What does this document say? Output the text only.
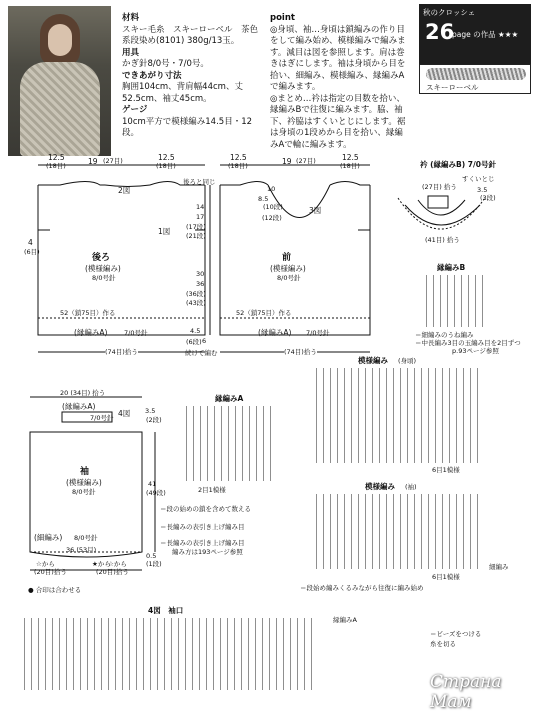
材料
スキー毛糸　スキーローベル　茶色系段染め(8101) 380g/13玉。
用具
かぎ針8/0号・7/0号。
できあがり寸法
胸囲104cm、背肩幅44cm、丈52.5cm、袖丈45cm。
ゲージ
10cm平方で模様編み14.5目・12段。
point
◎身頃、袖…身頃は鎖編みの作り目をして編み始め、模様編みで編みます。減目は図を参照します。肩は巻きはぎにします。袖は身頃から目を拾い、細編み、模様編み、縁編みA で編みます。
◎まとめ…衿は指定の目数を拾い、縁編みBで往復に編みます。脇、袖下、衿脇はすくいとじにします。裾は身頃の1段めから目を拾い、縁編みAで輪に編みます。
秋のクロッシェ
26
page の作品 ★★★
スキーローベル
12.5
(18目)	19 (27目)	12.5
(18目)
2図
1図
4
(6目)
後ろ
(模様編み)
8/0号針
52（鎖75目）作る
(縁編みA)	7/0号針
(74目)拾う
12.5
(18目)	19 (27目)	12.5
(18目)
後ろと同じ
3図
前
(模様編み)
8/0号針
52（鎖75目）作る
(縁編みA) 7/0号針
(74目)拾う
続けて編む
8.5
10
14
17
30
36
4.5
6
(10段)
(12段)
(17段)
(21段)
(36段)
(43段)
(6段)
衿 (縁編みB) 7/0号針
すくいとじ
(27目) 拾う	3.5
(3段)
(41目) 拾う
縁編みB
＝細編みのうね編み
＝中長編み3目の玉編み目を2目ずつ
p.93ページ参照
模様編み (身頃)
6目1模様
模様編み (袖)
6目1模様
細編み
＝段始め編みくるみながら往復に編み始め
縁編みA
2目1模様
＝段の始めの鎖を含めて数える
＝長編みの表引き上げ編み目
＝長編みの表引き上げ編み目
編み方は193ページ参照
20 (34目) 拾う
(縁編みA)
7/0号針 4図 3.5
(2段)
袖
(模様編み)
8/0号針
41
(49段)
(細編み) 8/0号針
36 (53目)
0.5
(1段)
☆から	★から
☆から
(20目)拾う	(20目)拾う
● 合印は合わせる
4図　袖口
縁編みA
＝ビーズをつける
糸を切る
Страна Мам
